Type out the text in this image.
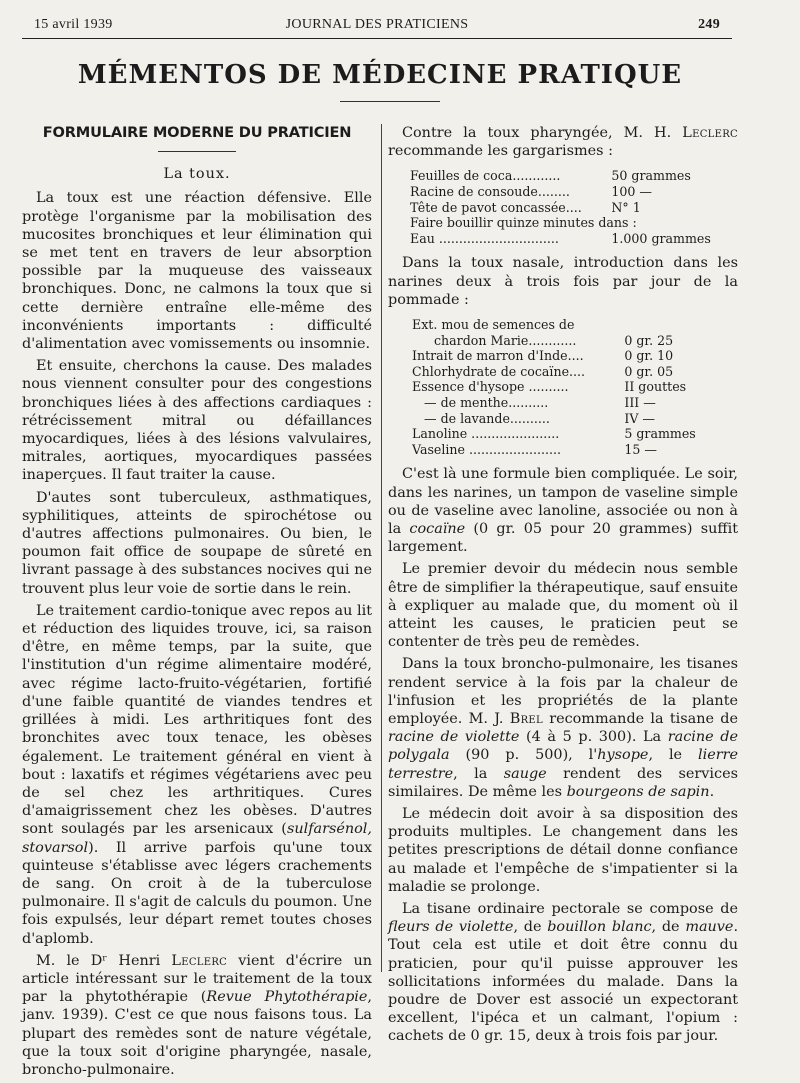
15 avril 1939	JOURNAL DES PRATICIENS	249
MÉMENTOS DE MÉDECINE PRATIQUE
FORMULAIRE MODERNE DU PRATICIEN
La toux.

La toux est une réaction défensive. Elle protège l'organisme par la mobilisation des mucosites bronchiques et leur élimination qui se met tent en travers de leur absorption possible par la muqueuse des vaisseaux bronchiques. Donc, ne calmons la toux que si cette dernière entraîne elle-même des inconvénients importants : difficulté d'alimentation avec vomissements ou insomnie.

Et ensuite, cherchons la cause. Des malades nous viennent consulter pour des congestions bronchiques liées à des affections cardiaques : rétrécissement mitral ou défaillances myocardiques, liées à des lésions valvulaires, mitrales, aortiques, myocardiques passées inaperçues. Il faut traiter la cause.

D'autes sont tuberculeux, asthmatiques, syphilitiques, atteints de spirochétose ou d'autres affections pulmonaires. Ou bien, le poumon fait office de soupape de sûreté en livrant passage à des substances nocives qui ne trouvent plus leur voie de sortie dans le rein.

Le traitement cardio-tonique avec repos au lit et réduction des liquides trouve, ici, sa raison d'être, en même temps, par la suite, que l'institution d'un régime alimentaire modéré, avec régime lacto-fruito-végétarien, fortifié d'une faible quantité de viandes tendres et grillées à midi. Les arthritiques font des bronchites avec toux tenace, les obèses également. Le traitement général en vient à bout : laxatifs et régimes végétariens avec peu de sel chez les arthritiques. Cures d'amaigrissement chez les obèses. D'autres sont soulagés par les arsenicaux (sulfarsénol, stovarsol). Il arrive parfois qu'une toux quinteuse s'établisse avec légers crachements de sang. On croit à de la tuberculose pulmonaire. Il s'agit de calculs du poumon. Une fois expulsés, leur départ remet toutes choses d'aplomb.

M. le Dʳ Henri Leclerc vient d'écrire un article intéressant sur le traitement de la toux par la phytothérapie (Revue Phytothérapie, janv. 1939). C'est ce que nous faisons tous. La plupart des remèdes sont de nature végétale, que la toux soit d'origine pharyngée, nasale, broncho-pulmonaire.

Contre la toux pharyngée, M. H. Leclerc recommande les gargarismes :

Feuilles de coca............	50 grammes
Racine de consoude........	100 —
Tête de pavot concassée....	N° 1
Faire bouillir quinze minutes dans :	
Eau ..............................	1.000 grammes

Dans la toux nasale, introduction dans les narines deux à trois fois par jour de la pommade :

Ext. mou de semences de	
chardon Marie............	0 gr. 25
Intrait de marron d'Inde....	0 gr. 10
Chlorhydrate de cocaïne....	0 gr. 05
Essence d'hysope ..........	II gouttes
— de menthe..........	III —
— de lavande..........	IV —
Lanoline ......................	5 grammes
Vaseline .......................	15 —

C'est là une formule bien compliquée. Le soir, dans les narines, un tampon de vaseline simple ou de vaseline avec lanoline, associée ou non à la cocaïne (0 gr. 05 pour 20 grammes) suffit largement.

Le premier devoir du médecin nous semble être de simplifier la thérapeutique, sauf ensuite à expliquer au malade que, du moment où il atteint les causes, le praticien peut se contenter de très peu de remèdes.

Dans la toux broncho-pulmonaire, les tisanes rendent service à la fois par la chaleur de l'infusion et les propriétés de la plante employée. M. J. Brel recommande la tisane de racine de violette (4 à 5 p. 300). La racine de polygala (90 p. 500), l'hysope, le lierre terrestre, la sauge rendent des services similaires. De même les bourgeons de sapin.

Le médecin doit avoir à sa disposition des produits multiples. Le changement dans les petites prescriptions de détail donne confiance au malade et l'empêche de s'impatienter si la maladie se prolonge.

La tisane ordinaire pectorale se compose de fleurs de violette, de bouillon blanc, de mauve. Tout cela est utile et doit être connu du praticien, pour qu'il puisse approuver les sollicitations informées du malade. Dans la poudre de Dover est associé un expectorant excellent, l'ipéca et un calmant, l'opium : cachets de 0 gr. 15, deux à trois fois par jour.
